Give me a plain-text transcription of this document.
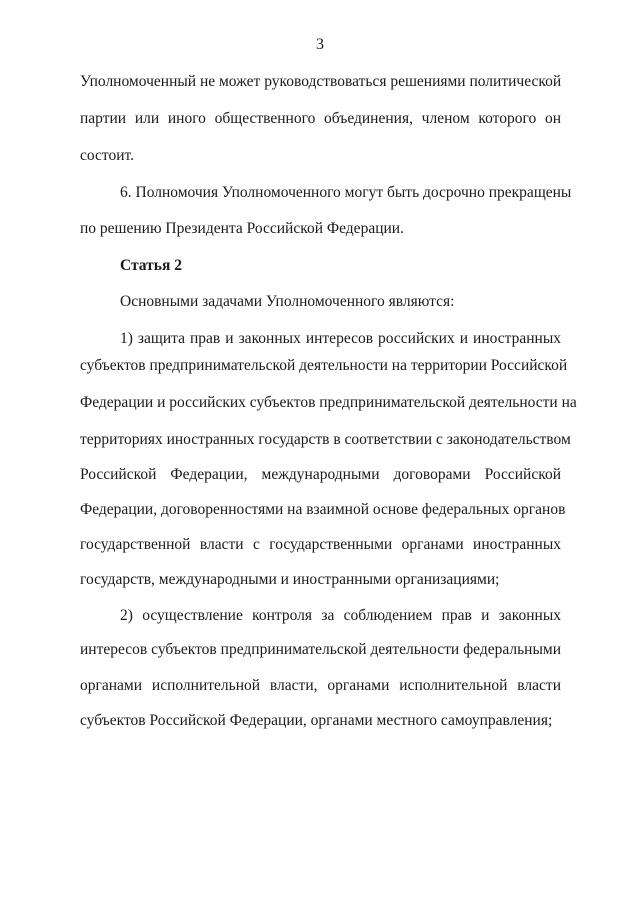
3
Уполномоченный не может руководствоваться решениями политической
партии или иного общественного объединения, членом которого он
состоит.
6. Полномочия Уполномоченного могут быть досрочно прекращены
по решению Президента Российской Федерации.
Статья 2
Основными задачами Уполномоченного являются:
1) защита прав и законных интересов российских и иностранных
субъектов предпринимательской деятельности на территории Российской
Федерации и российских субъектов предпринимательской деятельности на
территориях иностранных государств в соответствии с законодательством
Российской Федерации, международными договорами Российской
Федерации, договоренностями на взаимной основе федеральных органов
государственной власти с государственными органами иностранных
государств, международными и иностранными организациями;
2) осуществление контроля за соблюдением прав и законных
интересов субъектов предпринимательской деятельности федеральными
органами исполнительной власти, органами исполнительной власти
субъектов Российской Федерации, органами местного самоуправления;
